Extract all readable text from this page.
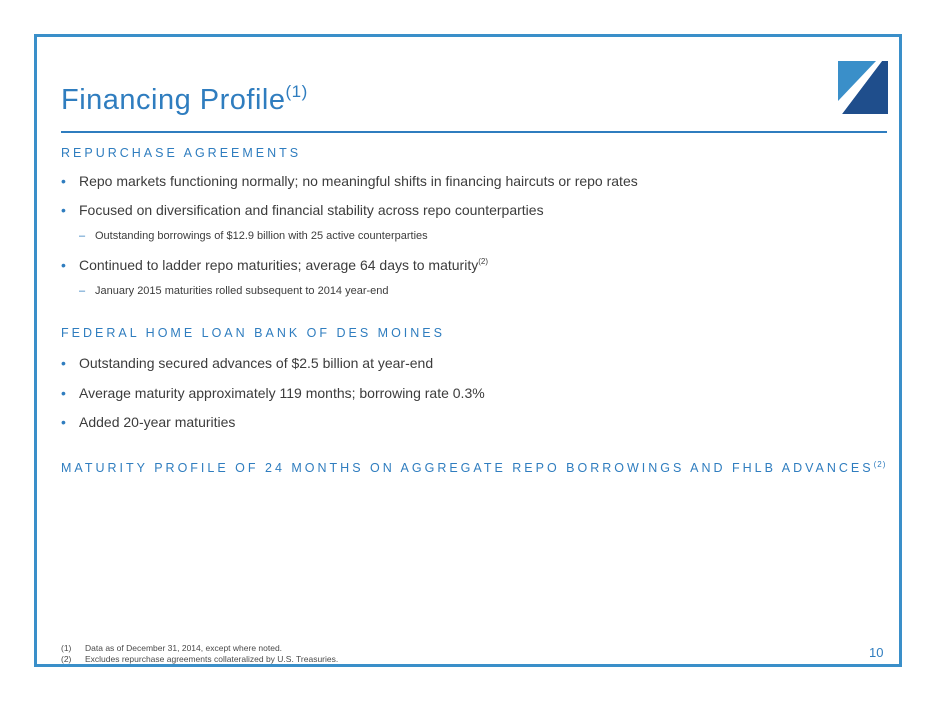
Financing Profile$^{(1)}$
REPURCHASE AGREEMENTS
• Repo markets functioning normally; no meaningful shifts in financing haircuts or repo rates
• Focused on diversification and financial stability across repo counterparties
– Outstanding borrowings of $12.9 billion with 25 active counterparties
• Continued to ladder repo maturities; average 64 days to maturity$^{(2)}$
– January 2015 maturities rolled subsequent to 2014 year-end
FEDERAL HOME LOAN BANK OF DES MOINES
• Outstanding secured advances of $2.5 billion at year-end
• Average maturity approximately 119 months; borrowing rate 0.3%
• Added 20-year maturities
MATURITY PROFILE OF 24 MONTHS ON AGGREGATE REPO BORROWINGS AND FHLB ADVANCES$^{(2)}$
(1) Data as of December 31, 2014, except where noted.
(2) Excludes repurchase agreements collateralized by U.S. Treasuries.	10
